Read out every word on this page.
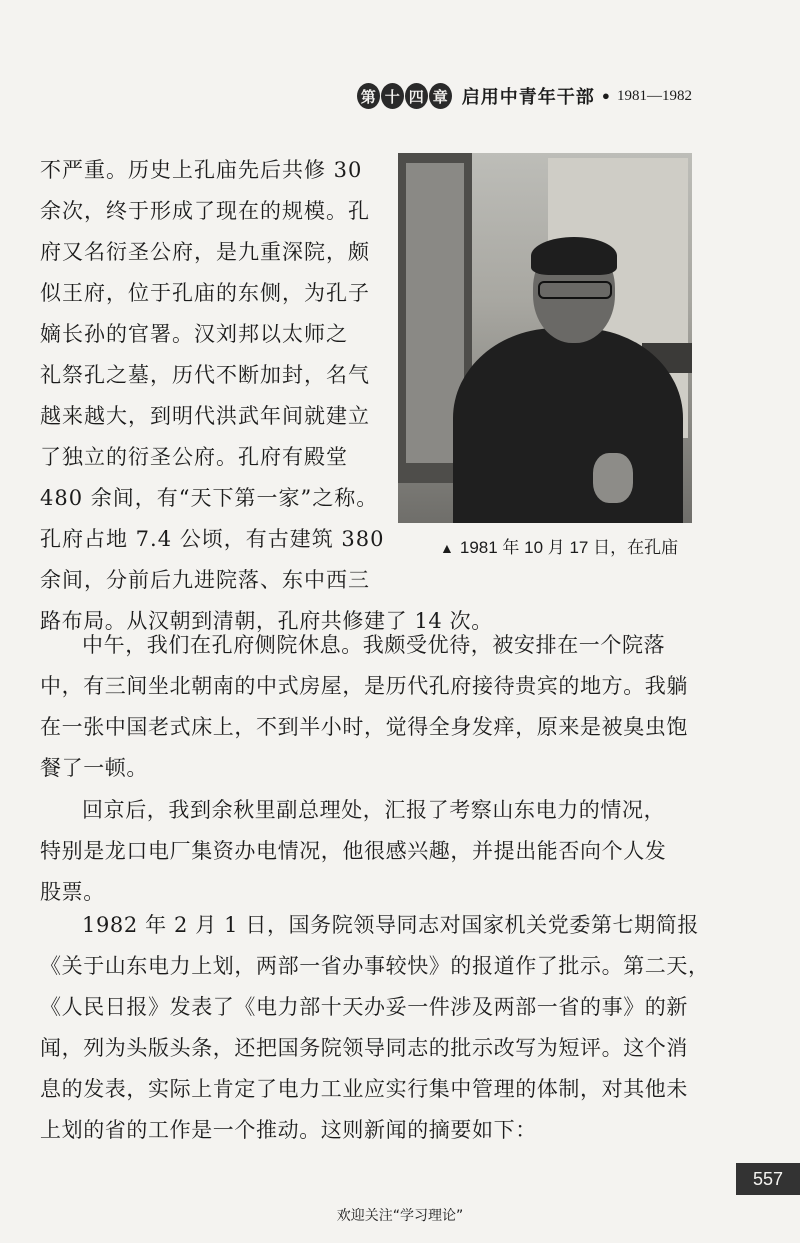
第 十 四 章 启用中青年干部 • 1981—1982
不严重。历史上孔庙先后共修 30
余次，终于形成了现在的规模。孔
府又名衍圣公府，是九重深院，颇
似王府，位于孔庙的东侧，为孔子
嫡长孙的官署。汉刘邦以太师之
礼祭孔之墓，历代不断加封，名气
越来越大，到明代洪武年间就建立
了独立的衍圣公府。孔府有殿堂
480 余间，有“天下第一家”之称。
孔府占地 7.4 公顷，有古建筑 380
余间，分前后九进院落、东中西三
▲ 1981 年 10 月 17 日，在孔庙
路布局。从汉朝到清朝，孔府共修建了 14 次。
中午，我们在孔府侧院休息。我颇受优待，被安排在一个院落
中，有三间坐北朝南的中式房屋，是历代孔府接待贵宾的地方。我躺
在一张中国老式床上，不到半小时，觉得全身发痒，原来是被臭虫饱
餐了一顿。
回京后，我到余秋里副总理处，汇报了考察山东电力的情况，
特别是龙口电厂集资办电情况，他很感兴趣，并提出能否向个人发
股票。
1982 年 2 月 1 日，国务院领导同志对国家机关党委第七期简报
《关于山东电力上划，两部一省办事较快》的报道作了批示。第二天，
《人民日报》发表了《电力部十天办妥一件涉及两部一省的事》的新
闻，列为头版头条，还把国务院领导同志的批示改写为短评。这个消
息的发表，实际上肯定了电力工业应实行集中管理的体制，对其他未
上划的省的工作是一个推动。这则新闻的摘要如下：
557
欢迎关注“学习理论”
